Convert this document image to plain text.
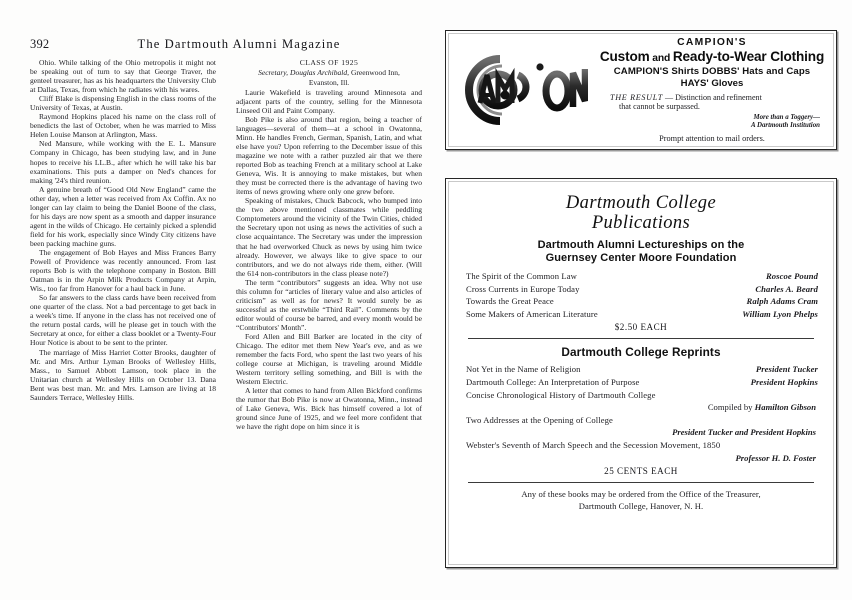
392	The Dartmouth Alumni Magazine

Ohio. While talking of the Ohio metropolis it might not be speaking out of turn to say that George Traver, the genteel treasurer, has as his headquarters the University Club at Dallas, Texas, from which he radiates with his wares.

Cliff Blake is dispensing English in the class rooms of the University of Texas, at Austin.

Raymond Hopkins placed his name on the class roll of benedicts the last of October, when he was married to Miss Helen Louise Manson at Arlington, Mass.

Ned Mansure, while working with the E. L. Mansure Company in Chicago, has been studying law, and in June hopes to receive his LL.B., after which he will take his bar examinations. This puts a damper on Ned's chances for making '24's third reunion.

A genuine breath of “Good Old New England” came the other day, when a letter was received from Ax Coffin. Ax no longer can lay claim to being the Daniel Boone of the class, for his days are now spent as a smooth and dapper insurance agent in the wilds of Chicago. He certainly picked a splendid field for his work, especially since Windy City citizens have been packing machine guns.

The engagement of Bob Hayes and Miss Frances Barry Powell of Providence was recently announced. From last reports Bob is with the telephone company in Boston. Bill Oatman is in the Arpin Milk Products Company at Arpin, Wis., too far from Hanover for a haul back in June.

So far answers to the class cards have been received from one quarter of the class. Not a bad percentage to get back in a week's time. If anyone in the class has not received one of the return postal cards, will he please get in touch with the Secretary at once, for either a class booklet or a Twenty-Four Hour Notice is about to be sent to the printer.

The marriage of Miss Harriet Cotter Brooks, daughter of Mr. and Mrs. Arthur Lyman Brooks of Wellesley Hills, Mass., to Samuel Abbott Lamson, took place in the Unitarian church at Wellesley Hills on October 13. Dana Bent was best man. Mr. and Mrs. Lamson are living at 18 Saunders Terrace, Wellesley Hills.

CLASS OF 1925

Secretary, Douglas Archibald, Greenwood Inn,

Evanston, Ill.

Laurie Wakefield is traveling around Minnesota and adjacent parts of the country, selling for the Minnesota Linseed Oil and Paint Company.

Bob Pike is also around that region, being a teacher of languages—several of them—at a school in Owatonna, Minn. He handles French, German, Spanish, Latin, and what else have you? Upon referring to the December issue of this magazine we note with a rather puzzled air that we there reported Bob as teaching French at a military school at Lake Geneva, Wis. It is annoying to make mistakes, but when they must be corrected there is the advantage of having two items of news growing where only one grew before.

Speaking of mistakes, Chuck Babcock, who bumped into the two above mentioned classmates while peddling Comptometers around the vicinity of the Twin Cities, chided the Secretary upon not using as news the activities of such a close acquaintance. The Secretary was under the impression that he had overworked Chuck as news by using him twice already. However, we always like to give space to our contributors, and we do not always ride them, either. (Will the 614 non-contributors in the class please note?)

The term “contributors” suggests an idea. Why not use this column for “articles of literary value and also articles of criticism” as well as for news? It would surely be as successful as the erstwhile “Third Rail”. Comments by the editor would of course be barred, and every month would be “Contributors' Month”.

Ford Allen and Bill Barker are located in the city of Chicago. The editor met them New Year's eve, and as we remember the facts Ford, who spent the last two years of his college course at Michigan, is traveling around Middle Western territory selling something, and Bill is with the Western Electric.

A letter that comes to hand from Allen Bickford confirms the rumor that Bob Pike is now at Owatonna, Minn., instead of Lake Geneva, Wis. Bick has himself covered a lot of ground since June of 1925, and we feel more confident that we have the right dope on him since it is

CAMPION'S
Custom and Ready-to-Wear Clothing
CAMPION'S Shirts DOBBS' Hats and Caps
HAYS' Gloves
THE RESULT — Distinction and refinement
that cannot be surpassed.
More than a Toggery—
A Dartmouth Institution
Prompt attention to mail orders.
Dartmouth College
Publications
Dartmouth Alumni Lectureships on the
Guernsey Center Moore Foundation
The Spirit of the Common Law	Roscoe Pound
Cross Currents in Europe Today	Charles A. Beard
Towards the Great Peace	Ralph Adams Cram
Some Makers of American Literature	William Lyon Phelps
$2.50 EACH
Dartmouth College Reprints
Not Yet in the Name of Religion	President Tucker
Dartmouth College: An Interpretation of Purpose	President Hopkins
Concise Chronological History of Dartmouth College
Compiled by Hamilton Gibson
Two Addresses at the Opening of College
President Tucker and President Hopkins
Webster's Seventh of March Speech and the Secession Movement, 1850
Professor H. D. Foster
25 CENTS EACH
Any of these books may be ordered from the Office of the Treasurer,
Dartmouth College, Hanover, N. H.
